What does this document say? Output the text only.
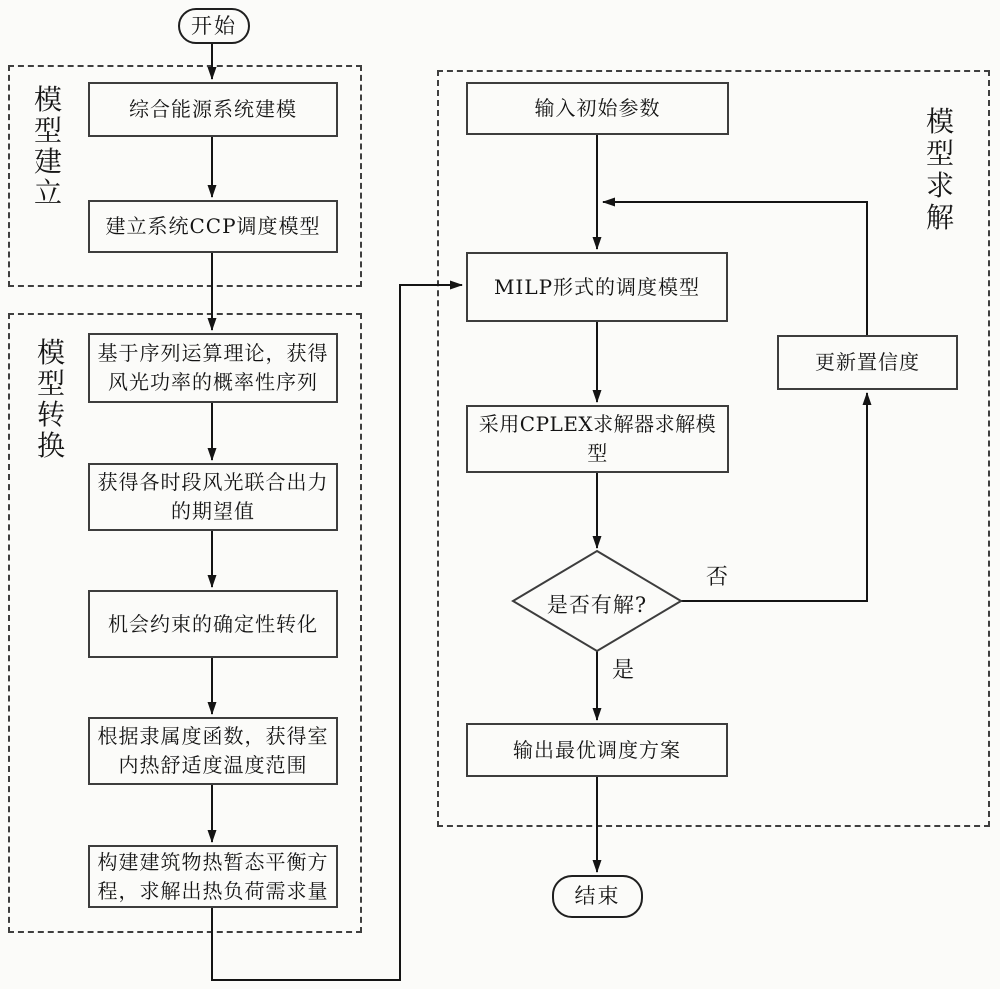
模型建立
模型转换
模型求解
开始
结束
综合能源系统建模
建立系统CCP调度模型
基于序列运算理论，获得风光功率的概率性序列
获得各时段风光联合出力的期望值
机会约束的确定性转化
根据隶属度函数，获得室内热舒适度温度范围
构建建筑物热暂态平衡方程，求解出热负荷需求量
输入初始参数
MILP形式的调度模型
采用CPLEX求解器求解模型
更新置信度
输出最优调度方案
是否有解?
否
是
